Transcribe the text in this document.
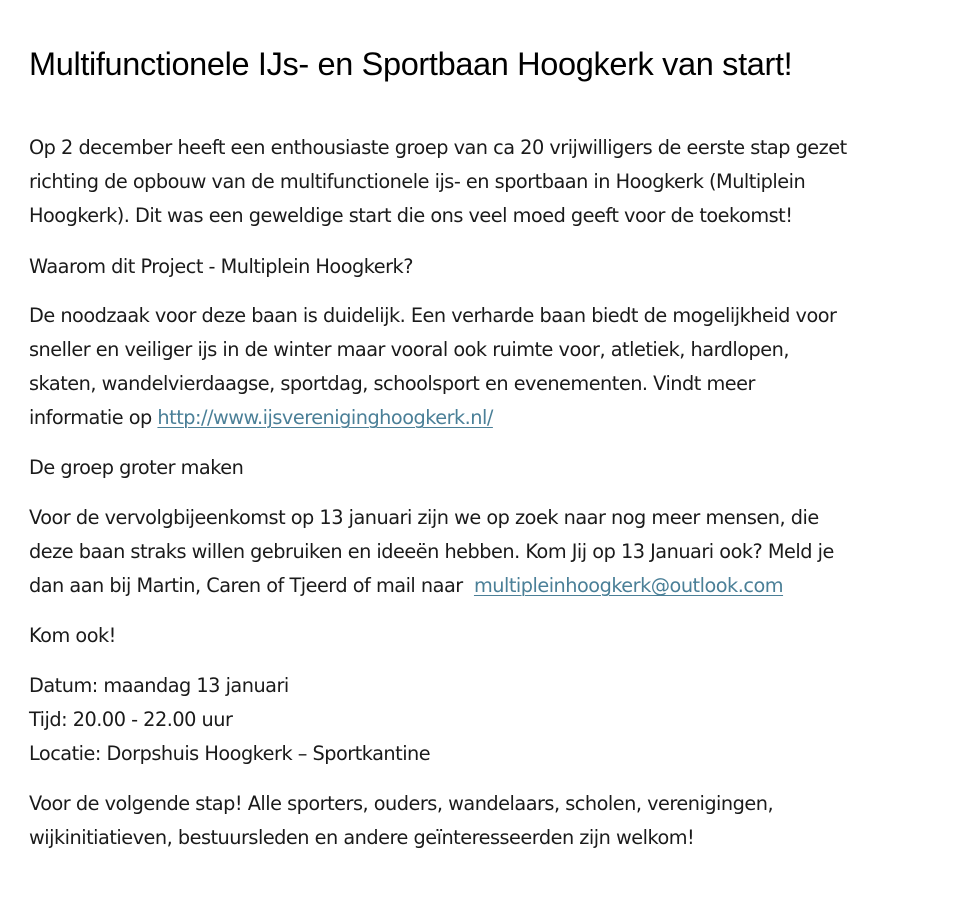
Multifunctionele IJs- en Sportbaan Hoogkerk van start!

Op 2 december heeft een enthousiaste groep van ca 20 vrijwilligers de eerste stap gezet
richting de opbouw van de multifunctionele ijs- en sportbaan in Hoogkerk (Multiplein
Hoogkerk). Dit was een geweldige start die ons veel moed geeft voor de toekomst!

Waarom dit Project - Multiplein Hoogkerk?

De noodzaak voor deze baan is duidelijk. Een verharde baan biedt de mogelijkheid voor
sneller en veiliger ijs in de winter maar vooral ook ruimte voor, atletiek, hardlopen,
skaten, wandelvierdaagse, sportdag, schoolsport en evenementen. Vindt meer
informatie op http://www.ijsvereniginghoogkerk.nl/

De groep groter maken

Voor de vervolgbijeenkomst op 13 januari zijn we op zoek naar nog meer mensen, die
deze baan straks willen gebruiken en ideeën hebben. Kom Jij op 13 Januari ook? Meld je
dan aan bij Martin, Caren of Tjeerd of mail naar  multipleinhoogkerk@outlook.com

Kom ook!

Datum: maandag 13 januari
Tijd: 20.00 - 22.00 uur
Locatie: Dorpshuis Hoogkerk – Sportkantine

Voor de volgende stap! Alle sporters, ouders, wandelaars, scholen, verenigingen,
wijkinitiatieven, bestuursleden en andere geïnteresseerden zijn welkom!
